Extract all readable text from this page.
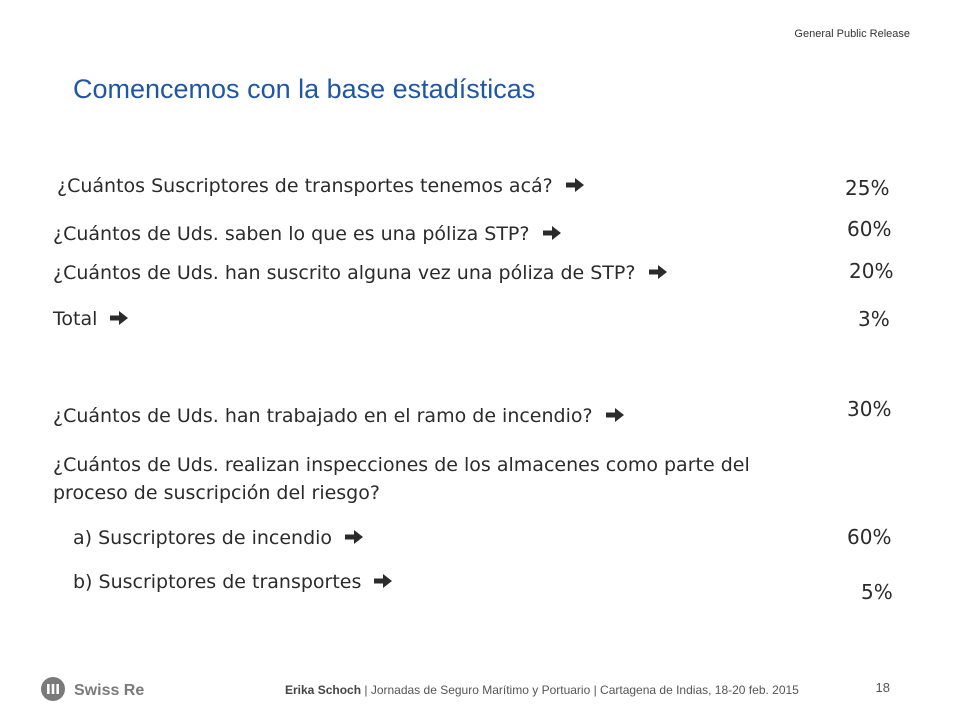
General Public Release
Comencemos con la base estadísticas
¿Cuántos Suscriptores de transportes tenemos acá?	25%
¿Cuántos de Uds. saben lo que es una póliza STP?	60%
¿Cuántos de Uds. han suscrito alguna vez una póliza de STP?	20%
Total	3%
¿Cuántos de Uds. han trabajado en el ramo de incendio?	30%
¿Cuántos de Uds. realizan inspecciones de los almacenes como parte del proceso de suscripción del riesgo?
a) Suscriptores de incendio	60%
b) Suscriptores de transportes	5%
Swiss Re	Erika Schoch | Jornadas de Seguro Marítimo y Portuario | Cartagena de Indias, 18-20 feb. 2015	18
